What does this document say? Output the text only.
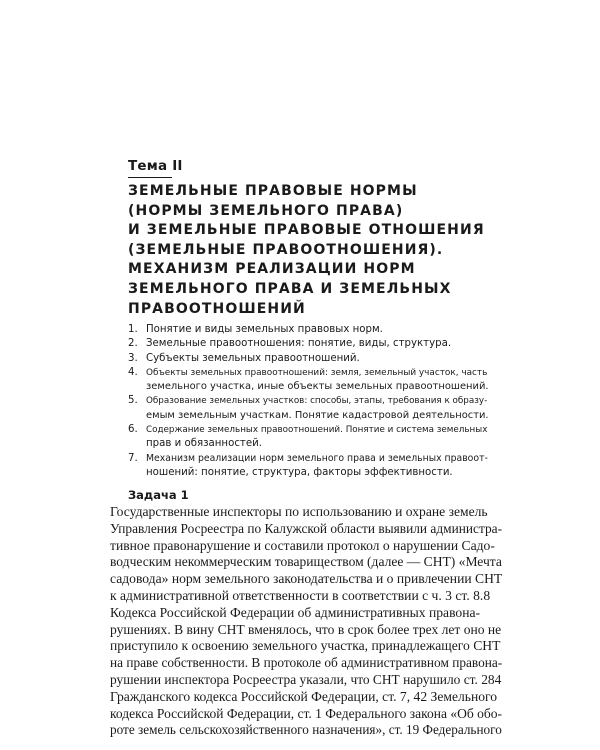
Тема II
ЗЕМЕЛЬНЫЕ ПРАВОВЫЕ НОРМЫ
(НОРМЫ ЗЕМЕЛЬНОГО ПРАВА)
И ЗЕМЕЛЬНЫЕ ПРАВОВЫЕ ОТНОШЕНИЯ
(ЗЕМЕЛЬНЫЕ ПРАВООТНОШЕНИЯ).
МЕХАНИЗМ РЕАЛИЗАЦИИ НОРМ
ЗЕМЕЛЬНОГО ПРАВА И ЗЕМЕЛЬНЫХ
ПРАВООТНОШЕНИЙ
1. Понятие и виды земельных правовых норм.
2. Земельные правоотношения: понятие, виды, структура.
3. Субъекты земельных правоотношений.
4. Объекты земельных правоотношений: земля, земельный участок, часть
земельного участка, иные объекты земельных правоотношений.
5. Образование земельных участков: способы, этапы, требования к образу-
емым земельным участкам. Понятие кадастровой деятельности.
6. Содержание земельных правоотношений. Понятие и система земельных
прав и обязанностей.
7. Механизм реализации норм земельного права и земельных правоот-
ношений: понятие, структура, факторы эффективности.
Задача 1
Государственные инспекторы по использованию и охране земель
Управления Росреестра по Калужской области выявили администра-
тивное правонарушение и составили протокол о нарушении Садо-
водческим некоммерческим товариществом (далее — СНТ) «Мечта
садовода» норм земельного законодательства и о привлечении СНТ
к административной ответственности в соответствии с ч. 3 ст. 8.8
Кодекса Российской Федерации об административных правона-
рушениях. В вину СНТ вменялось, что в срок более трех лет оно не
приступило к освоению земельного участка, принадлежащего СНТ
на праве собственности. В протоколе об административном правона-
рушении инспектора Росреестра указали, что СНТ нарушило ст. 284
Гражданского кодекса Российской Федерации, ст. 7, 42 Земельного
кодекса Российской Федерации, ст. 1 Федерального закона «Об обо-
роте земель сельскохозяйственного назначения», ст. 19 Федерального
